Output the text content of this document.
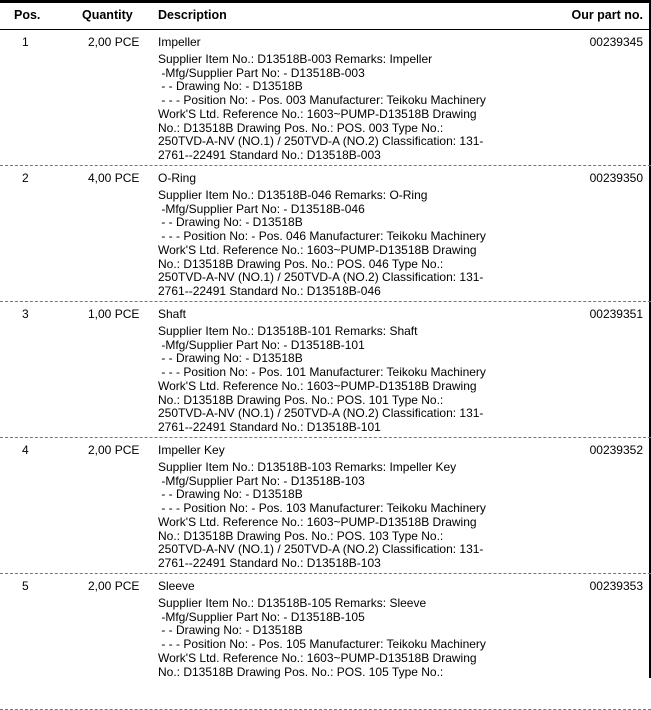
Pos.	Quantity Description	Our part no.
1	2,00 PCE Impeller	00239345
Supplier Item No.: D13518B-003 Remarks: Impeller
-Mfg/Supplier Part No: - D13518B-003
- - Drawing No: - D13518B
- - - Position No: - Pos. 003 Manufacturer: Teikoku Machinery
Work'S Ltd. Reference No.: 1603~PUMP-D13518B Drawing
No.: D13518B Drawing Pos. No.: POS. 003 Type No.:
250TVD-A-NV (NO.1) / 250TVD-A (NO.2) Classification: 131-
2761--22491 Standard No.: D13518B-003
2	4,00 PCE O-Ring	00239350
Supplier Item No.: D13518B-046 Remarks: O-Ring
-Mfg/Supplier Part No: - D13518B-046
- - Drawing No: - D13518B
- - - Position No: - Pos. 046 Manufacturer: Teikoku Machinery
Work'S Ltd. Reference No.: 1603~PUMP-D13518B Drawing
No.: D13518B Drawing Pos. No.: POS. 046 Type No.:
250TVD-A-NV (NO.1) / 250TVD-A (NO.2) Classification: 131-
2761--22491 Standard No.: D13518B-046
3	1,00 PCE Shaft	00239351
Supplier Item No.: D13518B-101 Remarks: Shaft
-Mfg/Supplier Part No: - D13518B-101
- - Drawing No: - D13518B
- - - Position No: - Pos. 101 Manufacturer: Teikoku Machinery
Work'S Ltd. Reference No.: 1603~PUMP-D13518B Drawing
No.: D13518B Drawing Pos. No.: POS. 101 Type No.:
250TVD-A-NV (NO.1) / 250TVD-A (NO.2) Classification: 131-
2761--22491 Standard No.: D13518B-101
4	2,00 PCE Impeller Key	00239352
Supplier Item No.: D13518B-103 Remarks: Impeller Key
-Mfg/Supplier Part No: - D13518B-103
- - Drawing No: - D13518B
- - - Position No: - Pos. 103 Manufacturer: Teikoku Machinery
Work'S Ltd. Reference No.: 1603~PUMP-D13518B Drawing
No.: D13518B Drawing Pos. No.: POS. 103 Type No.:
250TVD-A-NV (NO.1) / 250TVD-A (NO.2) Classification: 131-
2761--22491 Standard No.: D13518B-103
5	2,00 PCE Sleeve	00239353
Supplier Item No.: D13518B-105 Remarks: Sleeve
-Mfg/Supplier Part No: - D13518B-105
- - Drawing No: - D13518B
- - - Position No: - Pos. 105 Manufacturer: Teikoku Machinery
Work'S Ltd. Reference No.: 1603~PUMP-D13518B Drawing
No.: D13518B Drawing Pos. No.: POS. 105 Type No.:
